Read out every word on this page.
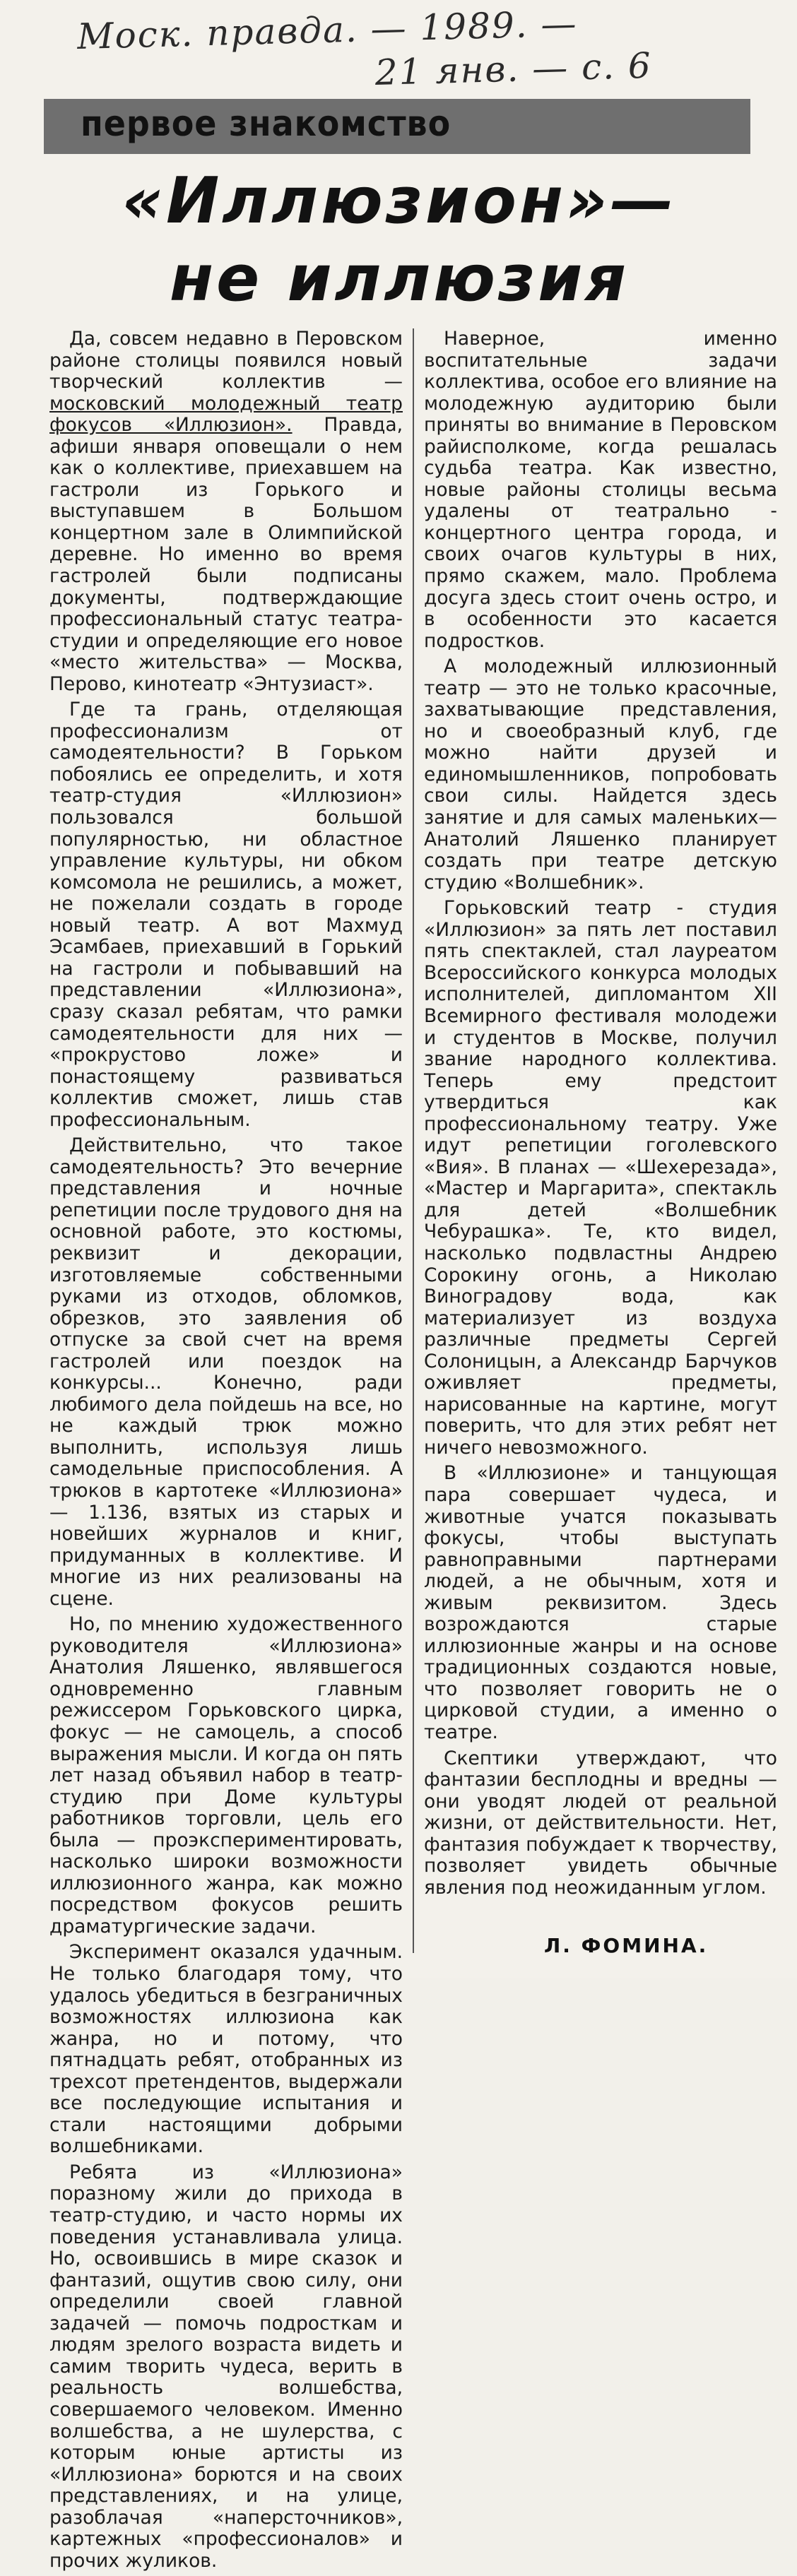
Моск. правда. — 1989. —
21 янв. — с. 6
первое знакомство
«Иллюзион»—
не иллюзия

Да, совсем недавно в Перовском районе столицы появился новый творческий коллектив — московский молодежный театр фокусов «Иллюзион». Правда, афиши января оповещали о нем как о коллективе, приехавшем на гастроли из Горького и выступавшем в Большом концертном зале в Олимпийской деревне. Но именно во время гастролей были подписаны документы, подтверждающие профессиональный статус театра-студии и определяющие его новое «место жительства» — Москва, Перово, кинотеатр «Энтузиаст».

Где та грань, отделяющая профессионализм от самодеятельности? В Горьком побоялись ее определить, и хотя театр-студия «Иллюзион» пользовался большой популярностью, ни областное управление культуры, ни обком комсомола не решились, а может, не пожелали создать в городе новый театр. А вот Махмуд Эсамбаев, приехавший в Горький на гастроли и побывавший на представлении «Иллюзиона», сразу сказал ребятам, что рамки самодеятельности для них — «прокрустово ложе» и понастоящему развиваться коллектив сможет, лишь став профессиональным.

Действительно, что такое самодеятельность? Это вечерние представления и ночные репетиции после трудового дня на основной работе, это костюмы, реквизит и декорации, изготовляемые собственными руками из отходов, обломков, обрезков, это заявления об отпуске за свой счет на время гастролей или поездок на конкурсы... Конечно, ради любимого дела пойдешь на все, но не каждый трюк можно выполнить, используя лишь самодельные приспособления. А трюков в картотеке «Иллюзиона» — 1.136, взятых из старых и новейших журналов и книг, придуманных в коллективе. И многие из них реализованы на сцене.

Но, по мнению художественного руководителя «Иллюзиона» Анатолия Ляшенко, являвшегося одновременно главным режиссером Горьковского цирка, фокус — не самоцель, а способ выражения мысли. И когда он пять лет назад объявил набор в театр-студию при Доме культуры работников торговли, цель его была — проэкспериментировать, насколько широки возможности иллюзионного жанра, как можно посредством фокусов решить драматургические задачи.

Эксперимент оказался удачным. Не только благодаря тому, что удалось убедиться в безграничных возможностях иллюзиона как жанра, но и потому, что пятнадцать ребят, отобранных из трехсот претендентов, выдержали все последующие испытания и стали настоящими добрыми волшебниками.

Ребята из «Иллюзиона» поразному жили до прихода в театр-студию, и часто нормы их поведения устанавливала улица. Но, освоившись в мире сказок и фантазий, ощутив свою силу, они определили своей главной задачей — помочь подросткам и людям зрелого возраста видеть и самим творить чудеса, верить в реальность волшебства, совершаемого человеком. Именно волшебства, а не шулерства, с которым юные артисты из «Иллюзиона» борются и на своих представлениях, и на улице, разоблачая «наперсточников», картежных «профессионалов» и прочих жуликов.

Наверное, именно воспитательные задачи коллектива, особое его влияние на молодежную аудиторию были приняты во внимание в Перовском райисполкоме, когда решалась судьба театра. Как известно, новые районы столицы весьма удалены от театрально - концертного центра города, и своих очагов культуры в них, прямо скажем, мало. Проблема досуга здесь стоит очень остро, и в особенности это касается подростков.

А молодежный иллюзионный театр — это не только красочные, захватывающие представления, но и своеобразный клуб, где можно найти друзей и единомышленников, попробовать свои силы. Найдется здесь занятие и для самых маленьких— Анатолий Ляшенко планирует создать при театре детскую студию «Волшебник».

Горьковский театр - студия «Иллюзион» за пять лет поставил пять спектаклей, стал лауреатом Всероссийского конкурса молодых исполнителей, дипломантом XII Всемирного фестиваля молодежи и студентов в Москве, получил звание народного коллектива. Теперь ему предстоит утвердиться как профессиональному театру. Уже идут репетиции гоголевского «Вия». В планах — «Шехерезада», «Мастер и Маргарита», спектакль для детей «Волшебник Чебурашка». Те, кто видел, насколько подвластны Андрею Сорокину огонь, а Николаю Виноградову вода, как материализует из воздуха различные предметы Сергей Солоницын, а Александр Барчуков оживляет предметы, нарисованные на картине, могут поверить, что для этих ребят нет ничего невозможного.

В «Иллюзионе» и танцующая пара совершает чудеса, и животные учатся показывать фокусы, чтобы выступать равноправными партнерами людей, а не обычным, хотя и живым реквизитом. Здесь возрождаются старые иллюзионные жанры и на основе традиционных создаются новые, что позволяет говорить не о цирковой студии, а именно о театре.

Скептики утверждают, что фантазии бесплодны и вредны — они уводят людей от реальной жизни, от действительности. Нет, фантазия побуждает к творчеству, позволяет увидеть обычные явления под неожиданным углом.

Л. ФОМИНА.
